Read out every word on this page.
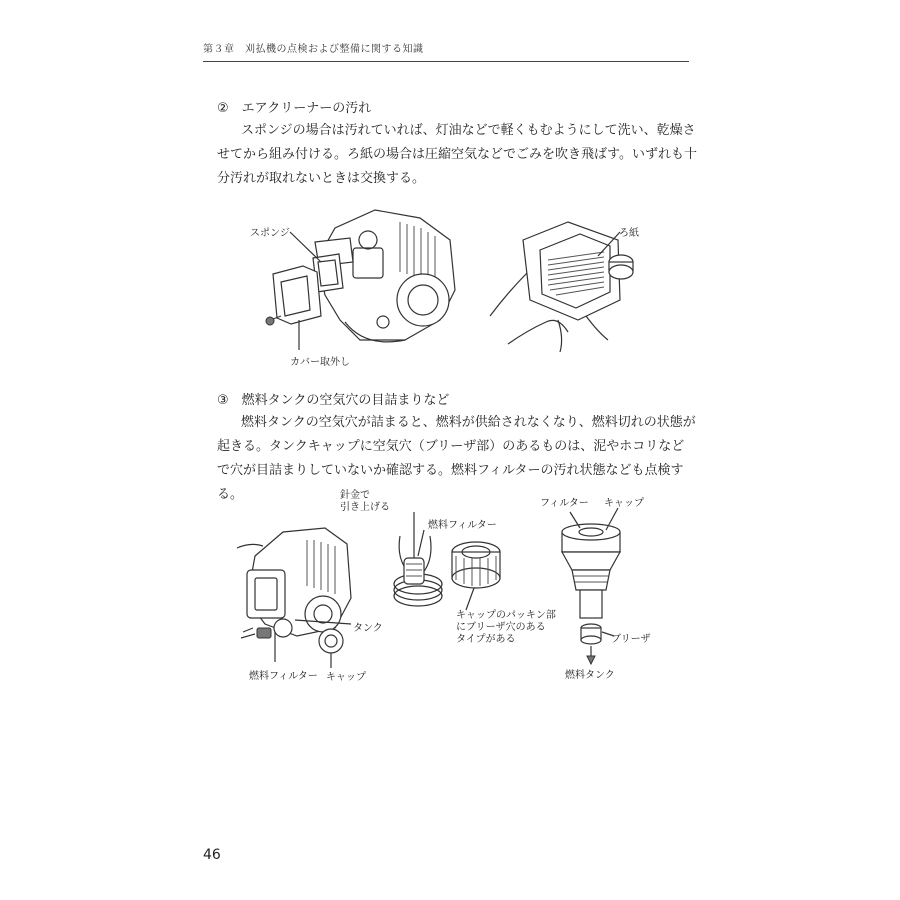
第３章　刈払機の点検および整備に関する知識
②　エアクリーナーの汚れ

スポンジの場合は汚れていれば、灯油などで軽くもむようにして洗い、乾燥させてから組み付ける。ろ紙の場合は圧縮空気などでごみを吹き飛ばす。いずれも十分汚れが取れないときは交換する。

スポンジ
カバー取外し
ろ紙
③　燃料タンクの空気穴の目詰まりなど

燃料タンクの空気穴が詰まると、燃料が供給されなくなり、燃料切れの状態が起きる。タンクキャップに空気穴（ブリーザ部）のあるものは、泥やホコリなどで穴が目詰まりしていないか確認する。燃料フィルターの汚れ状態なども点検する。

タンク
燃料フィルター キャップ
針金で
引き上げる
燃料フィルター
キャップのパッキン部
にブリーザ穴のある
タイプがある
フィルター キャップ
ブリーザ
燃料タンク
46
